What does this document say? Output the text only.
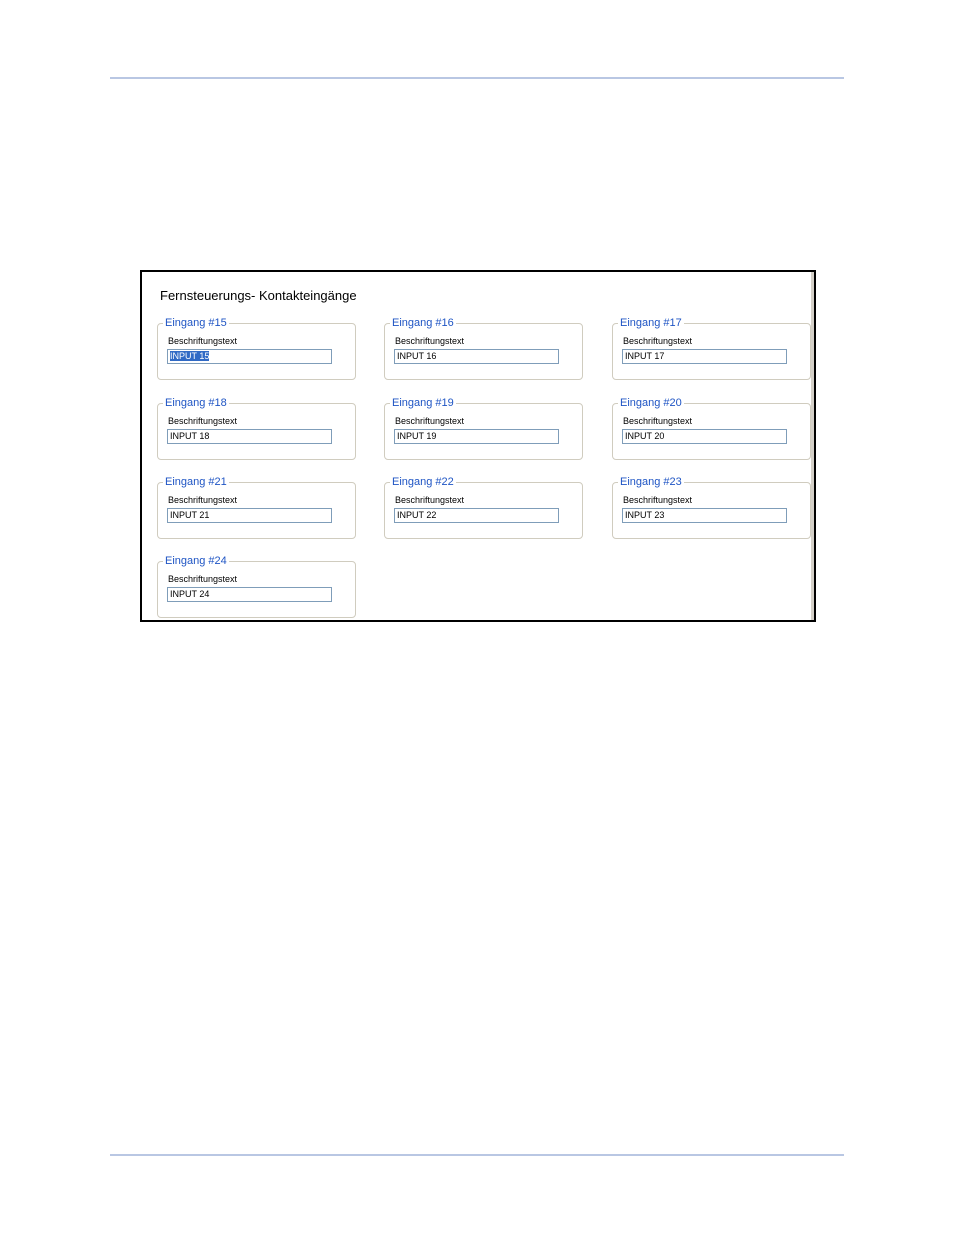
Fernsteuerungs- Kontakteingänge
Eingang #15
Beschriftungstext
INPUT 15
Eingang #16
Beschriftungstext
INPUT 16
Eingang #17
Beschriftungstext
INPUT 17
Eingang #18
Beschriftungstext
INPUT 18
Eingang #19
Beschriftungstext
INPUT 19
Eingang #20
Beschriftungstext
INPUT 20
Eingang #21
Beschriftungstext
INPUT 21
Eingang #22
Beschriftungstext
INPUT 22
Eingang #23
Beschriftungstext
INPUT 23
Eingang #24
Beschriftungstext
INPUT 24
